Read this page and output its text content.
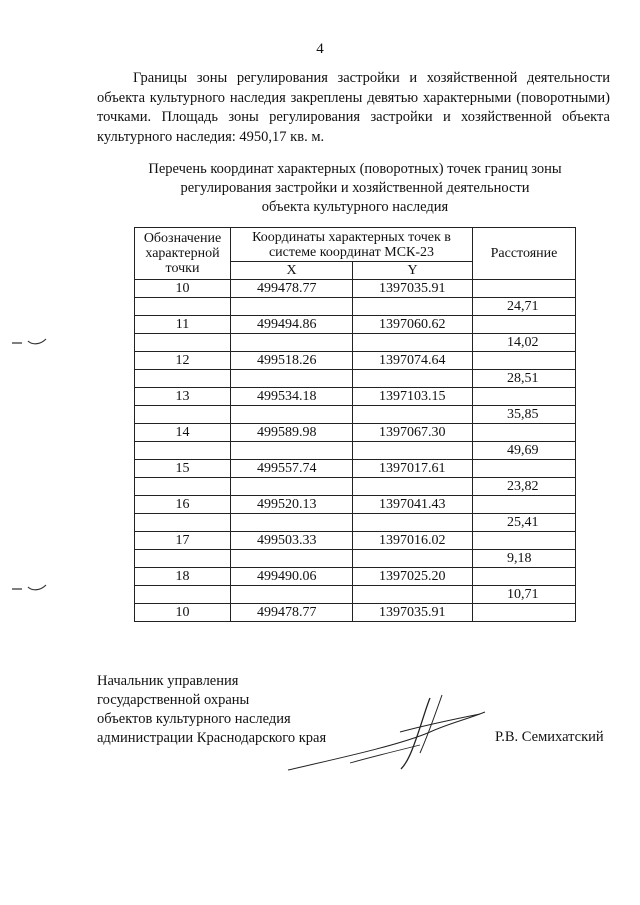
4

Границы зоны регулирования застройки и хозяйственной деятельности объекта культурного наследия закреплены девятью характерными (поворотными) точками. Площадь зоны регулирования застройки и хозяйственной объекта культурного наследия: 4950,17 кв. м.

Перечень координат характерных (поворотных) точек границ зоны
регулирования застройки и хозяйственной деятельности
объекта культурного наследия
Обозначение характерной точки	Координаты характерных точек в системе координат МСК-23		Расстояние

	X	Y	
10	499478.77	1397035.91	
			24,71
11	499494.86	1397060.62	
			14,02
12	499518.26	1397074.64	
			28,51
13	499534.18	1397103.15	
			35,85
14	499589.98	1397067.30	
			49,69
15	499557.74	1397017.61	
			23,82
16	499520.13	1397041.43	
			25,41
17	499503.33	1397016.02	
			9,18
18	499490.06	1397025.20	
			10,71
10	499478.77	1397035.91	
Начальник управления
государственной охраны
объектов культурного наследия
администрации Краснодарского края	Р.В. Семихатский
